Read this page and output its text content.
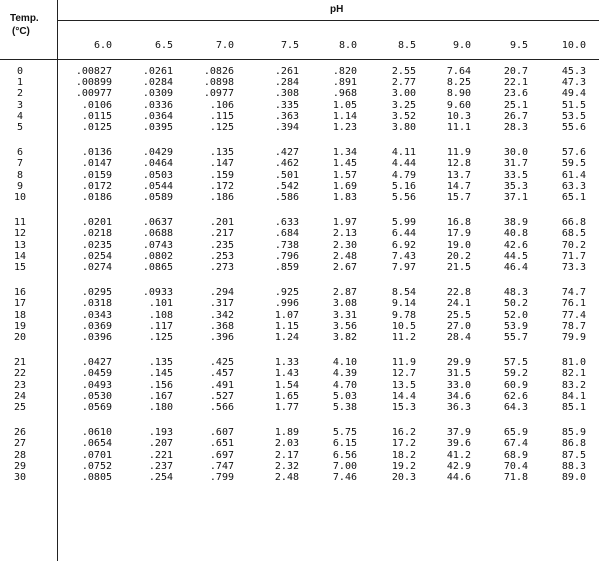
Temp.
(°C)
pH
6.0	6.5	7.0	7.5	8.0	8.5	9.0	9.5	10.0
0	.00827	.0261	.0826	.261	.820	2.55	7.64	20.7	45.3
1	.00899	.0284	.0898	.284	.891	2.77	8.25	22.1	47.3
2	.00977	.0309	.0977	.308	.968	3.00	8.90	23.6	49.4
3	.0106	.0336	.106	.335	1.05	3.25	9.60	25.1	51.5
4	.0115	.0364	.115	.363	1.14	3.52	10.3	26.7	53.5
5	.0125	.0395	.125	.394	1.23	3.80	11.1	28.3	55.6
6	.0136	.0429	.135	.427	1.34	4.11	11.9	30.0	57.6
7	.0147	.0464	.147	.462	1.45	4.44	12.8	31.7	59.5
8	.0159	.0503	.159	.501	1.57	4.79	13.7	33.5	61.4
9	.0172	.0544	.172	.542	1.69	5.16	14.7	35.3	63.3
10	.0186	.0589	.186	.586	1.83	5.56	15.7	37.1	65.1
11	.0201	.0637	.201	.633	1.97	5.99	16.8	38.9	66.8
12	.0218	.0688	.217	.684	2.13	6.44	17.9	40.8	68.5
13	.0235	.0743	.235	.738	2.30	6.92	19.0	42.6	70.2
14	.0254	.0802	.253	.796	2.48	7.43	20.2	44.5	71.7
15	.0274	.0865	.273	.859	2.67	7.97	21.5	46.4	73.3
16	.0295	.0933	.294	.925	2.87	8.54	22.8	48.3	74.7
17	.0318	.101	.317	.996	3.08	9.14	24.1	50.2	76.1
18	.0343	.108	.342	1.07	3.31	9.78	25.5	52.0	77.4
19	.0369	.117	.368	1.15	3.56	10.5	27.0	53.9	78.7
20	.0396	.125	.396	1.24	3.82	11.2	28.4	55.7	79.9
21	.0427	.135	.425	1.33	4.10	11.9	29.9	57.5	81.0
22	.0459	.145	.457	1.43	4.39	12.7	31.5	59.2	82.1
23	.0493	.156	.491	1.54	4.70	13.5	33.0	60.9	83.2
24	.0530	.167	.527	1.65	5.03	14.4	34.6	62.6	84.1
25	.0569	.180	.566	1.77	5.38	15.3	36.3	64.3	85.1
26	.0610	.193	.607	1.89	5.75	16.2	37.9	65.9	85.9
27	.0654	.207	.651	2.03	6.15	17.2	39.6	67.4	86.8
28	.0701	.221	.697	2.17	6.56	18.2	41.2	68.9	87.5
29	.0752	.237	.747	2.32	7.00	19.2	42.9	70.4	88.3
30	.0805	.254	.799	2.48	7.46	20.3	44.6	71.8	89.0
